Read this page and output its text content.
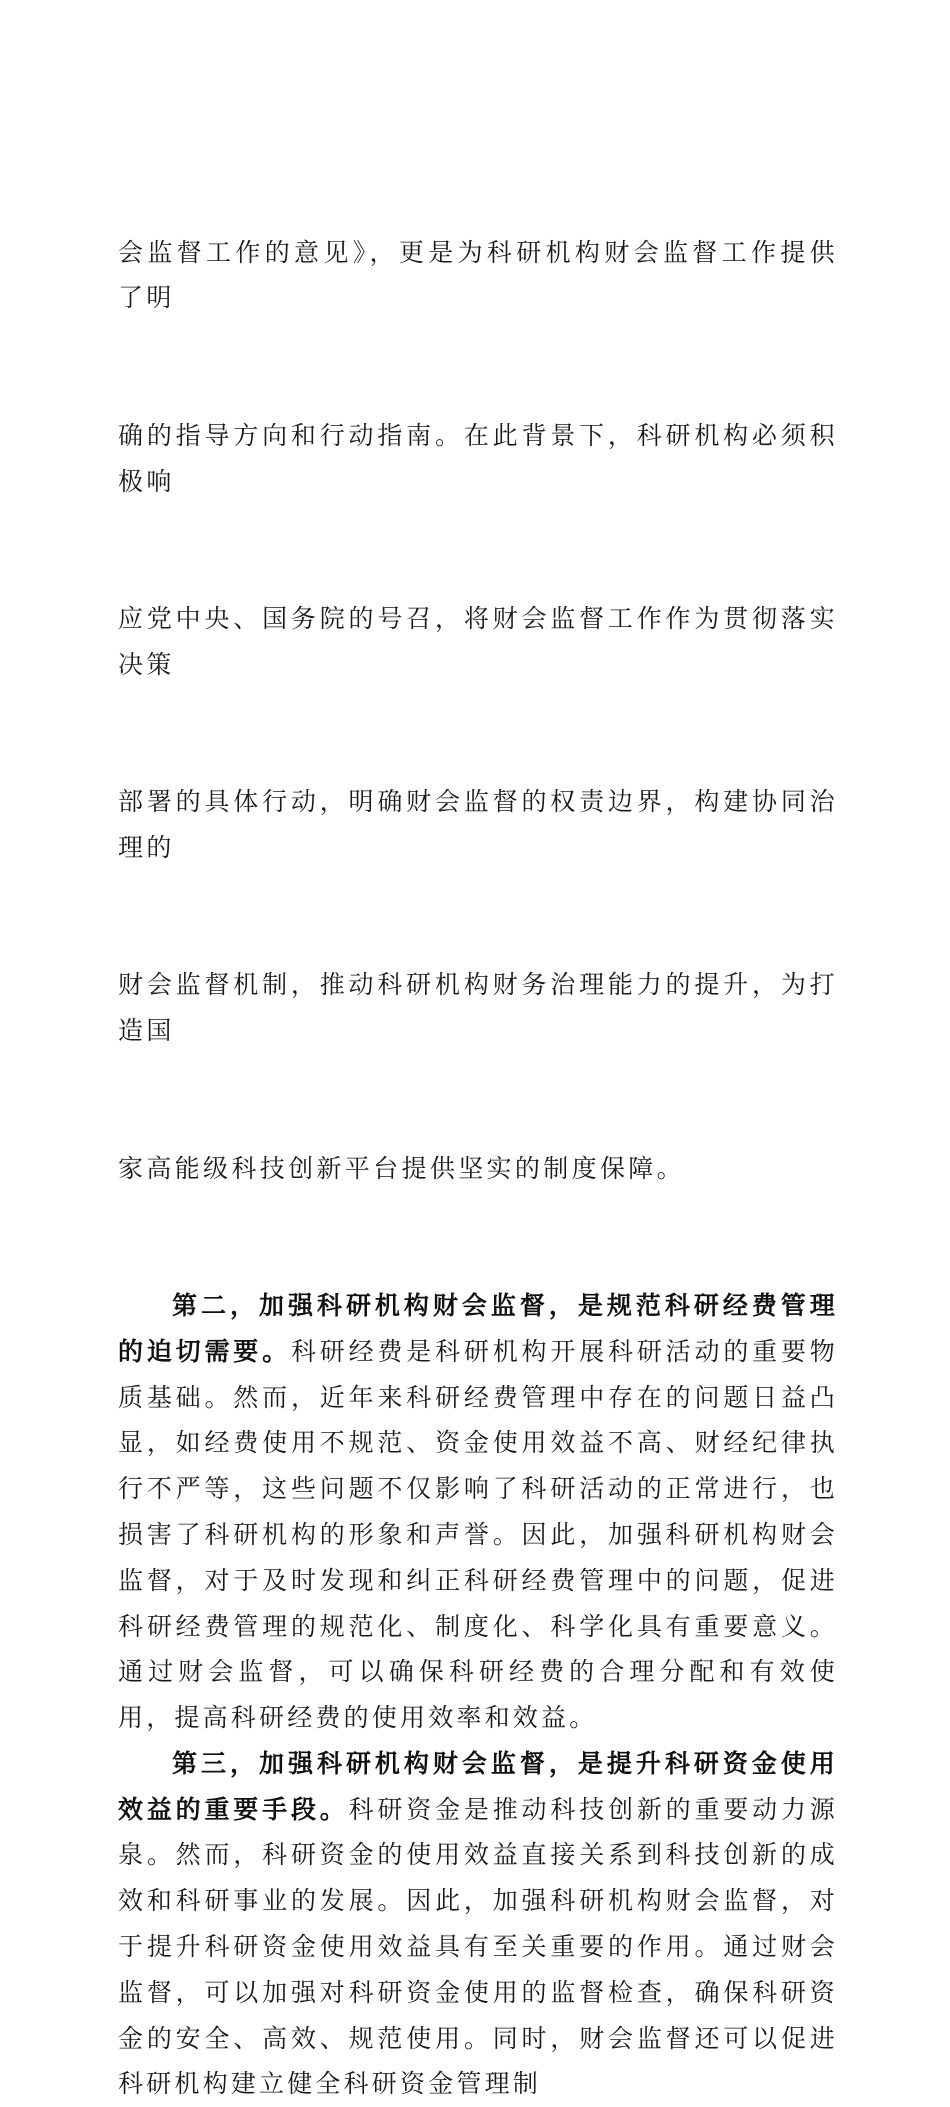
会监督工作的意见》，更是为科研机构财会监督工作提供了明

确的指导方向和行动指南。在此背景下，科研机构必须积极响

应党中央、国务院的号召，将财会监督工作作为贯彻落实决策

部署的具体行动，明确财会监督的权责边界，构建协同治理的

财会监督机制，推动科研机构财务治理能力的提升，为打造国

家高能级科技创新平台提供坚实的制度保障。

第二，加强科研机构财会监督，是规范科研经费管理的迫切需要。科研经费是科研机构开展科研活动的重要物质基础。然而，近年来科研经费管理中存在的问题日益凸显，如经费使用不规范、资金使用效益不高、财经纪律执行不严等，这些问题不仅影响了科研活动的正常进行，也损害了科研机构的形象和声誉。因此，加强科研机构财会监督，对于及时发现和纠正科研经费管理中的问题，促进科研经费管理的规范化、制度化、科学化具有重要意义。通过财会监督，可以确保科研经费的合理分配和有效使用，提高科研经费的使用效率和效益。

第三，加强科研机构财会监督，是提升科研资金使用效益的重要手段。科研资金是推动科技创新的重要动力源泉。然而，科研资金的使用效益直接关系到科技创新的成效和科研事业的发展。因此，加强科研机构财会监督，对于提升科研资金使用效益具有至关重要的作用。通过财会监督，可以加强对科研资金使用的监督检查，确保科研资金的安全、高效、规范使用。同时，财会监督还可以促进科研机构建立健全科研资金管理制
